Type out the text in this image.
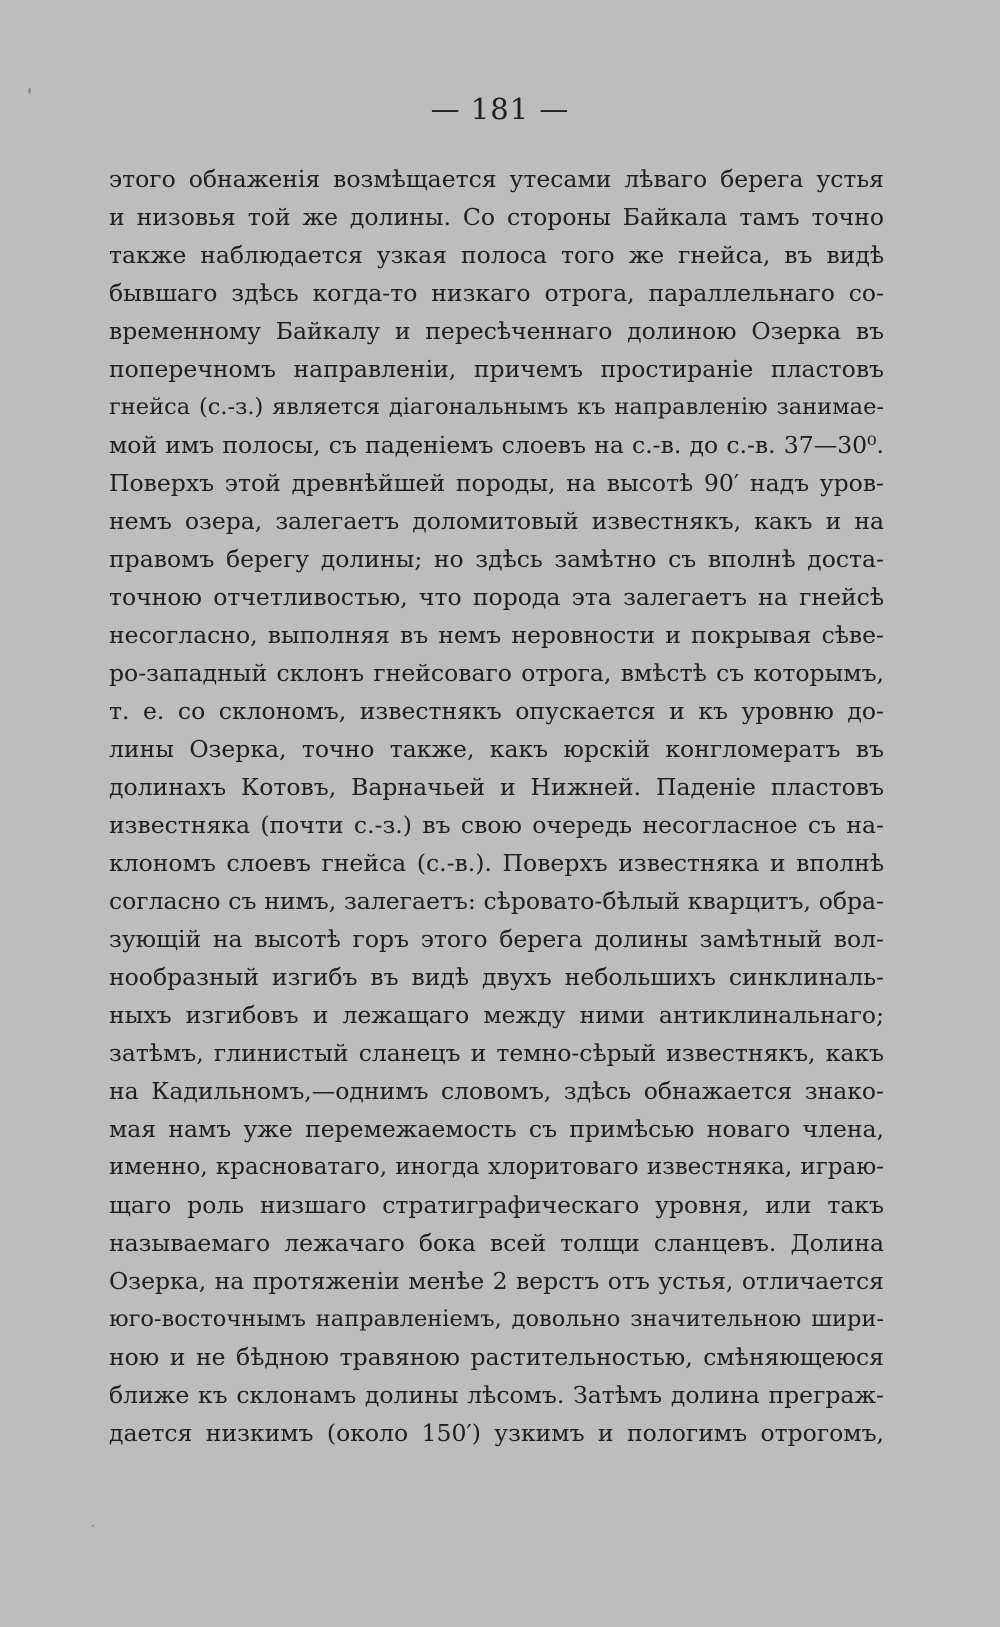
— 181 —
этого обнаженія возмѣщается утесами лѣваго берега устья
и низовья той же долины. Со стороны Байкала тамъ точно
также наблюдается узкая полоса того же гнейса, въ видѣ
бывшаго здѣсь когда-то низкаго отрога, параллельнаго со-
временному Байкалу и пересѣченнаго долиною Озерка въ
поперечномъ направленіи, причемъ простираніе пластовъ
гнейса (с.-з.) является діагональнымъ къ направленію занимае-
мой имъ полосы, съ паденіемъ слоевъ на с.-в. до с.-в. 37—30⁰.
Поверхъ этой древнѣйшей породы, на высотѣ 90′ надъ уров-
немъ озера, залегаетъ доломитовый известнякъ, какъ и на
правомъ берегу долины; но здѣсь замѣтно съ вполнѣ доста-
точною отчетливостью, что порода эта залегаетъ на гнейсѣ
несогласно, выполняя въ немъ неровности и покрывая сѣве-
ро-западный склонъ гнейсоваго отрога, вмѣстѣ съ которымъ,
т. е. со склономъ, известнякъ опускается и къ уровню до-
лины Озерка, точно также, какъ юрскій конгломератъ въ
долинахъ Котовъ, Варначьей и Нижней. Паденіе пластовъ
известняка (почти с.-з.) въ свою очередь несогласное съ на-
клономъ слоевъ гнейса (с.-в.). Поверхъ известняка и вполнѣ
согласно съ нимъ, залегаетъ: сѣровато-бѣлый кварцитъ, обра-
зующій на высотѣ горъ этого берега долины замѣтный вол-
нообразный изгибъ въ видѣ двухъ небольшихъ синклиналь-
ныхъ изгибовъ и лежащаго между ними антиклинальнаго;
затѣмъ, глинистый сланецъ и темно-сѣрый известнякъ, какъ
на Кадильномъ,—однимъ словомъ, здѣсь обнажается знако-
мая намъ уже перемежаемость съ примѣсью новаго члена,
именно, красноватаго, иногда хлоритоваго известняка, играю-
щаго роль низшаго стратиграфическаго уровня, или такъ
называемаго лежачаго бока всей толщи сланцевъ. Долина
Озерка, на протяженіи менѣе 2 верстъ отъ устья, отличается
юго-восточнымъ направленіемъ, довольно значительною шири-
ною и не бѣдною травяною растительностью, смѣняющеюся
ближе къ склонамъ долины лѣсомъ. Затѣмъ долина преграж-
дается низкимъ (около 150′) узкимъ и пологимъ отрогомъ,
